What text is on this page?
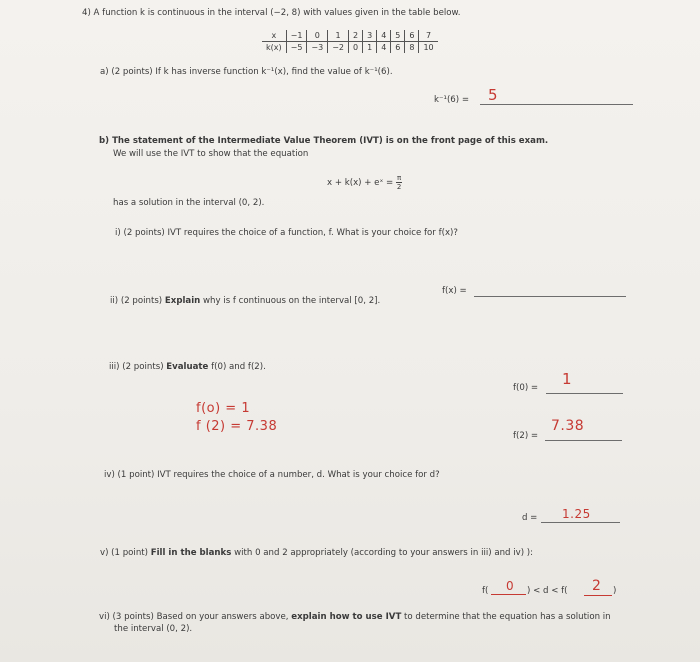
4) A function k is continuous in the interval (−2, 8) with values given in the table below.
x	−1	0	1	2	3	4	5	6	7
k(x)	−5	−3	−2	0	1	4	6	8	10
a) (2 points) If k has inverse function k⁻¹(x), find the value of k⁻¹(6).
k⁻¹(6) = 5
b) The statement of the Intermediate Value Theorem (IVT) is on the front page of this exam.
We will use the IVT to show that the equation
x + k(x) + eˣ = $\frac{\pi}{2}$
has a solution in the interval (0, 2).
i) (2 points) IVT requires the choice of a function, f. What is your choice for f(x)?
f(x) =
ii) (2 points) Explain why is f continuous on the interval [0, 2].
iii) (2 points) Evaluate f(0) and f(2).
f(0) = 1
f(o) = 1
f (2) = 7.38
f(2) =
7.38
iv) (1 point) IVT requires the choice of a number, d. What is your choice for d?
d = 1.25
v) (1 point) Fill in the blanks with 0 and 2 appropriately (according to your answers in iii) and iv) ):
f( 0 ) < d < f( 2 )
vi) (3 points) Based on your answers above, explain how to use IVT to determine that the equation has a solution in
the interval (0, 2).
